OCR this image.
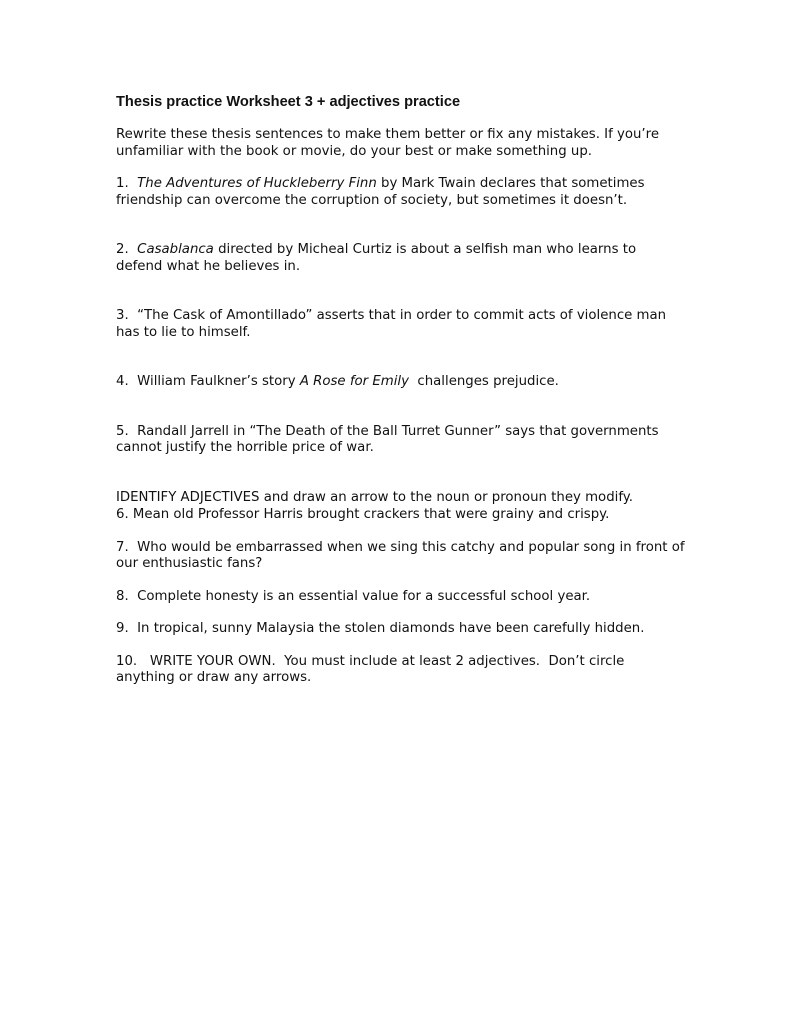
Thesis practice Worksheet 3 + adjectives practice

Rewrite these thesis sentences to make them better or fix any mistakes. If you’re unfamiliar with the book or movie, do your best or make something up.

1. The Adventures of Huckleberry Finn by Mark Twain declares that sometimes friendship can overcome the corruption of society, but sometimes it doesn’t.

2. Casablanca directed by Micheal Curtiz is about a selfish man who learns to defend what he believes in.

3. “The Cask of Amontillado” asserts that in order to commit acts of violence man has to lie to himself.

4. William Faulkner’s story A Rose for Emily  challenges prejudice.

5. Randall Jarrell in “The Death of the Ball Turret Gunner” says that governments cannot justify the horrible price of war.

IDENTIFY ADJECTIVES and draw an arrow to the noun or pronoun they modify.

6. Mean old Professor Harris brought crackers that were grainy and crispy.

7.  Who would be embarrassed when we sing this catchy and popular song in front of our enthusiastic fans?

8.  Complete honesty is an essential value for a successful school year.

9.  In tropical, sunny Malaysia the stolen diamonds have been carefully hidden.

10.   WRITE YOUR OWN.  You must include at least 2 adjectives.  Don’t circle anything or draw any arrows.
